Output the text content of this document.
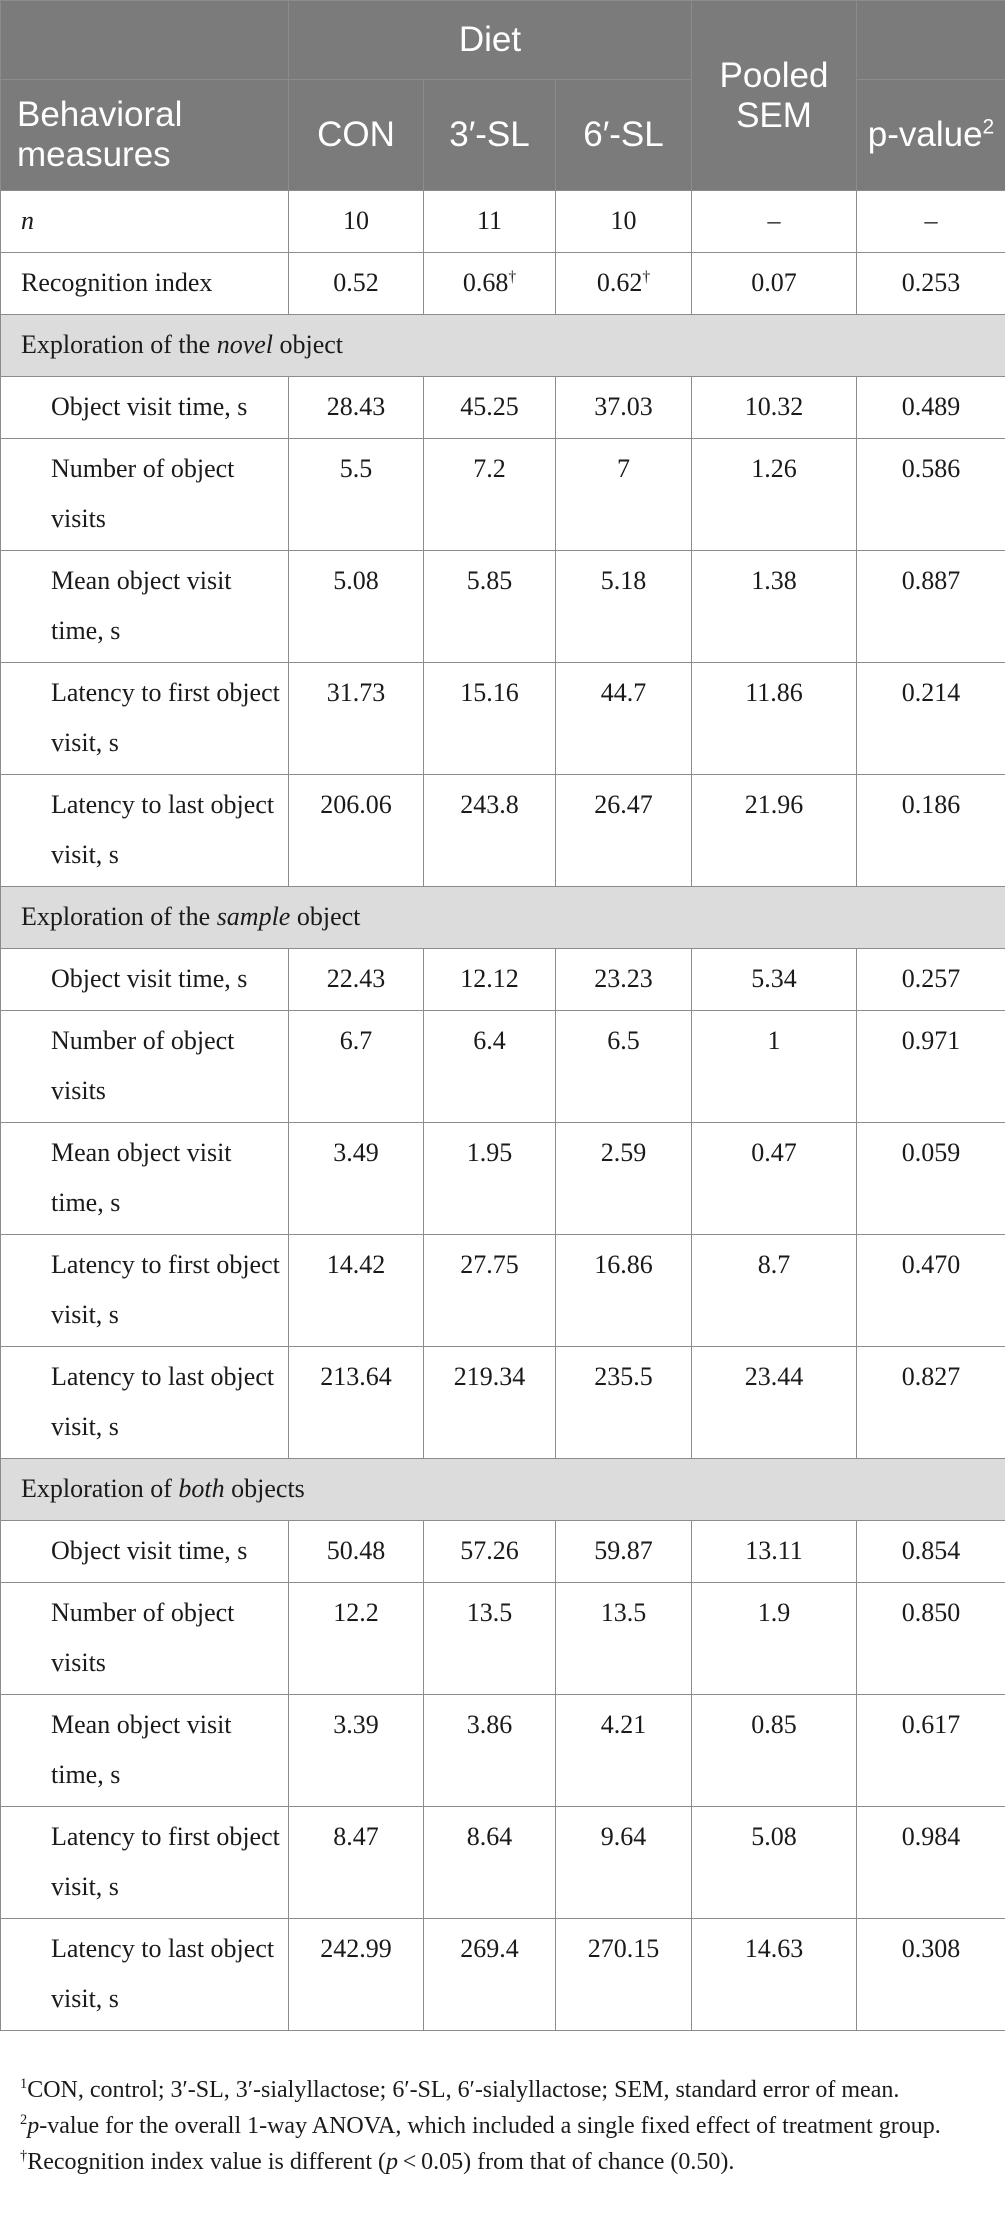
	Diet			Pooled SEM	
Behavioral measures	CON	3′-SL	6′-SL		p-value$^2$
n	10	11	10	–	–
Recognition index	0.52	0.68†	0.62†	0.07	0.253
Exploration of the novel object					
Object visit time, s	28.43	45.25	37.03	10.32	0.489
Number of object visits	5.5	7.2	7	1.26	0.586
Mean object visit time, s	5.08	5.85	5.18	1.38	0.887
Latency to first object visit, s	31.73	15.16	44.7	11.86	0.214
Latency to last object visit, s	206.06	243.8	26.47	21.96	0.186
Exploration of the sample object					
Object visit time, s	22.43	12.12	23.23	5.34	0.257
Number of object visits	6.7	6.4	6.5	1	0.971
Mean object visit time, s	3.49	1.95	2.59	0.47	0.059
Latency to first object visit, s	14.42	27.75	16.86	8.7	0.470
Latency to last object visit, s	213.64	219.34	235.5	23.44	0.827
Exploration of both objects					
Object visit time, s	50.48	57.26	59.87	13.11	0.854
Number of object visits	12.2	13.5	13.5	1.9	0.850
Mean object visit time, s	3.39	3.86	4.21	0.85	0.617
Latency to first object visit, s	8.47	8.64	9.64	5.08	0.984
Latency to last object visit, s	242.99	269.4	270.15	14.63	0.308

$^1$CON, control; 3′-SL, 3′-sialyllactose; 6′-SL, 6′-sialyllactose; SEM, standard error of mean.

$^2$p-value for the overall 1-way ANOVA, which included a single fixed effect of treatment group.

†Recognition index value is different (p < 0.05) from that of chance (0.50).
